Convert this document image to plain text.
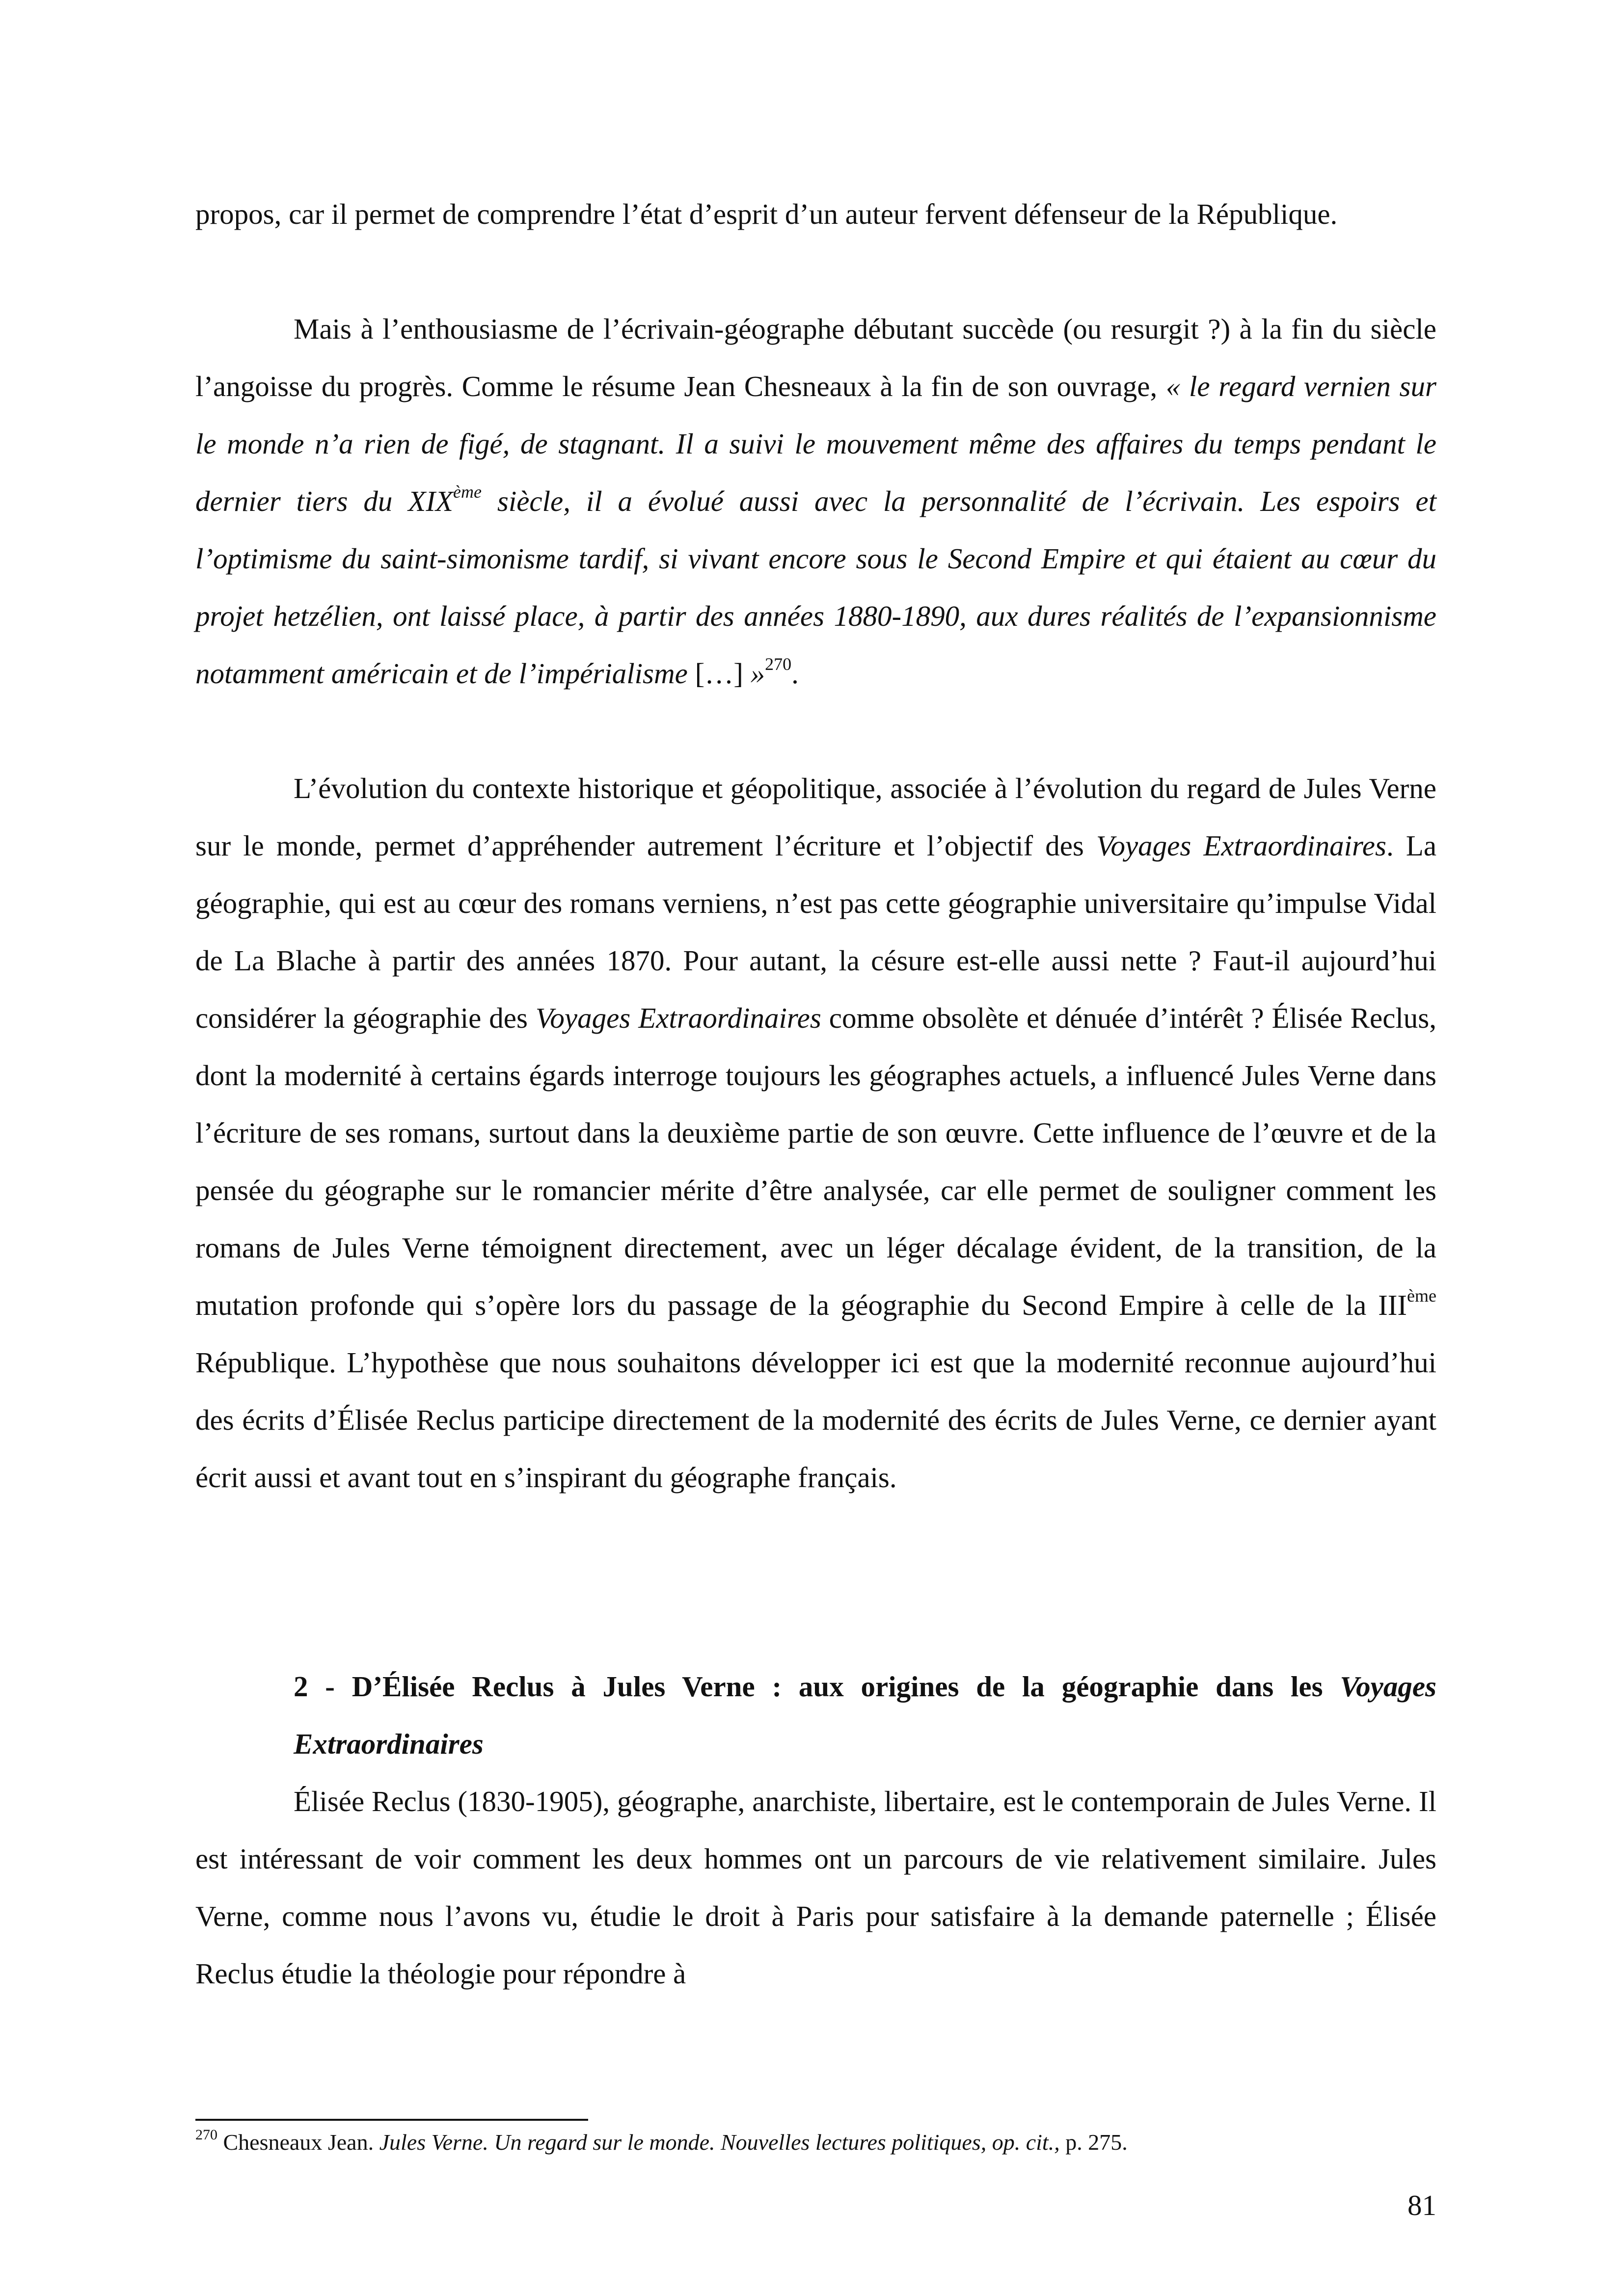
propos, car il permet de comprendre l’état d’esprit d’un auteur fervent défenseur de la République.

Mais à l’enthousiasme de l’écrivain-géographe débutant succède (ou resurgit ?) à la fin du siècle l’angoisse du progrès. Comme le résume Jean Chesneaux à la fin de son ouvrage, « le regard vernien sur le monde n’a rien de figé, de stagnant. Il a suivi le mouvement même des affaires du temps pendant le dernier tiers du XIXème siècle, il a évolué aussi avec la personnalité de l’écrivain. Les espoirs et l’optimisme du saint-simonisme tardif, si vivant encore sous le Second Empire et qui étaient au cœur du projet hetzélien, ont laissé place, à partir des années 1880-1890, aux dures réalités de l’expansionnisme notamment américain et de l’impérialisme […] »$^{270}$.

L’évolution du contexte historique et géopolitique, associée à l’évolution du regard de Jules Verne sur le monde, permet d’appréhender autrement l’écriture et l’objectif des Voyages Extraordinaires. La géographie, qui est au cœur des romans verniens, n’est pas cette géographie universitaire qu’impulse Vidal de La Blache à partir des années 1870. Pour autant, la césure est-elle aussi nette ? Faut-il aujourd’hui considérer la géographie des Voyages Extraordinaires comme obsolète et dénuée d’intérêt ? Élisée Reclus, dont la modernité à certains égards interroge toujours les géographes actuels, a influencé Jules Verne dans l’écriture de ses romans, surtout dans la deuxième partie de son œuvre. Cette influence de l’œuvre et de la pensée du géographe sur le romancier mérite d’être analysée, car elle permet de souligner comment les romans de Jules Verne témoignent directement, avec un léger décalage évident, de la transition, de la mutation profonde qui s’opère lors du passage de la géographie du Second Empire à celle de la IIIème République. L’hypothèse que nous souhaitons développer ici est que la modernité reconnue aujourd’hui des écrits d’Élisée Reclus participe directement de la modernité des écrits de Jules Verne, ce dernier ayant écrit aussi et avant tout en s’inspirant du géographe français.

2 - D’Élisée Reclus à Jules Verne : aux origines de la géographie dans les Voyages Extraordinaires

Élisée Reclus (1830-1905), géographe, anarchiste, libertaire, est le contemporain de Jules Verne. Il est intéressant de voir comment les deux hommes ont un parcours de vie relativement similaire. Jules Verne, comme nous l’avons vu, étudie le droit à Paris pour satisfaire à la demande paternelle ; Élisée Reclus étudie la théologie pour répondre à

$^{270}$ Chesneaux Jean. Jules Verne. Un regard sur le monde. Nouvelles lectures politiques, op. cit., p. 275.

81
